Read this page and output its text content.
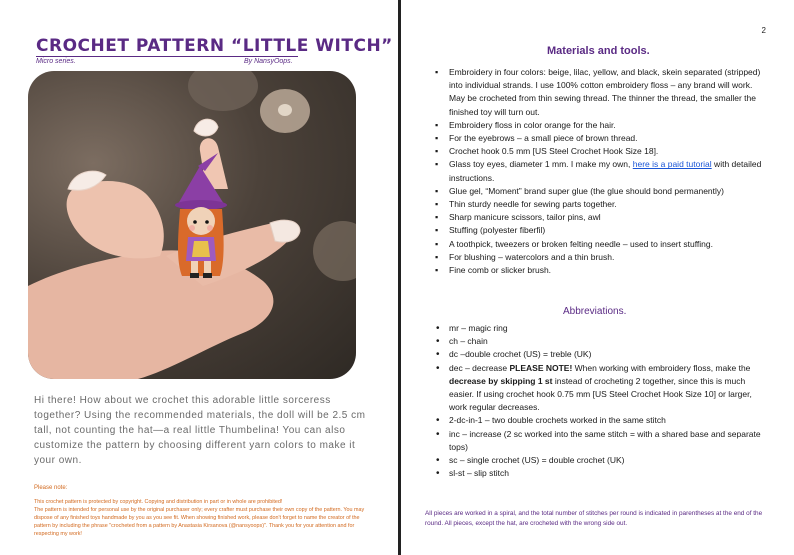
CROCHET PATTERN “LITTLE WITCH”
Micro series.	By NansyOops.
Hi there! How about we crochet this adorable little sorceress together? Using the recommended materials, the doll will be 2.5 cm tall, not counting the hat—a real little Thumbelina! You can also customize the pattern by choosing different yarn colors to make it your own.
Please note:
This crochet pattern is protected by copyright. Copying and distribution in part or in whole are prohibited!
The pattern is intended for personal use by the original purchaser only; every crafter must purchase their own copy of the pattern. You may dispose of any finished toys handmade by you as you see fit. When showing finished work, please don't forget to name the creator of the pattern by including the phrase "crocheted from a pattern by Anastasia Kirsanova (@nansyoops)". Thank you for your attention and for respecting my work!
2
Materials and tools.
▪ Embroidery in four colors: beige, lilac, yellow, and black, skein separated (stripped) into individual strands. I use 100% cotton embroidery floss – any brand will work. May be crocheted from thin sewing thread. The thinner the thread, the smaller the finished toy will turn out.
▪ Embroidery floss in color orange for the hair.
▪ For the eyebrows – a small piece of brown thread.
▪ Crochet hook 0.5 mm [US Steel Crochet Hook Size 18].
▪ Glass toy eyes, diameter 1 mm. I make my own, here is a paid tutorial with detailed instructions.
▪ Glue gel, “Moment” brand super glue (the glue should bond permanently)
▪ Thin sturdy needle for sewing parts together.
▪ Sharp manicure scissors, tailor pins, awl
▪ Stuffing (polyester fiberfil)
▪ A toothpick, tweezers or broken felting needle – used to insert stuffing.
▪ For blushing – watercolors and a thin brush.
▪ Fine comb or slicker brush.
Abbreviations.
• mr – magic ring
• ch – chain
• dc –double crochet (US) = treble (UK)
• dec – decrease PLEASE NOTE! When working with embroidery floss, make the decrease by skipping 1 st instead of crocheting 2 together, since this is much easier. If using crochet hook 0.75 mm [US Steel Crochet Hook Size 10] or larger, work regular decreases.
• 2-dc-in-1 – two double crochets worked in the same stitch
• inc – increase (2 sc worked into the same stitch = with a shared base and separate tops)
• sc – single crochet (US) = double crochet (UK)
• sl-st – slip stitch
All pieces are worked in a spiral, and the total number of stitches per round is indicated in parentheses at the end of the round. All pieces, except the hat, are crocheted with the wrong side out.
